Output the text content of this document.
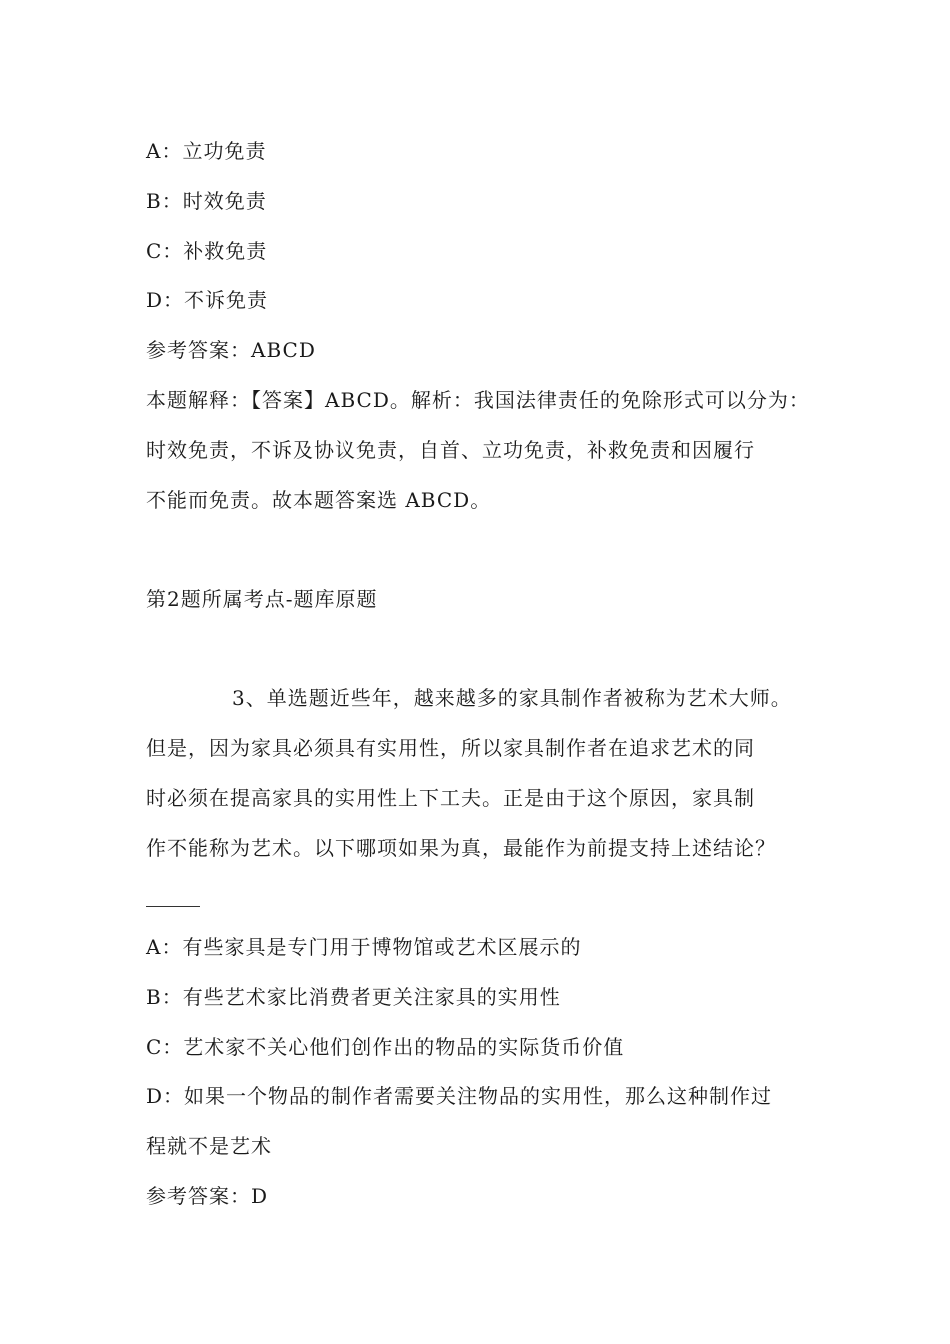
A：立功免责
B：时效免责
C：补救免责
D：不诉免责
参考答案：ABCD
本题解释：【答案】ABCD。解析：我国法律责任的免除形式可以分为：
时效免责，不诉及协议免责，自首、立功免责，补救免责和因履行
不能而免责。故本题答案选 ABCD。
第2题所属考点-题库原题
3、单选题近些年，越来越多的家具制作者被称为艺术大师。
但是，因为家具必须具有实用性，所以家具制作者在追求艺术的同
时必须在提高家具的实用性上下工夫。正是由于这个原因，家具制
作不能称为艺术。以下哪项如果为真，最能作为前提支持上述结论？
A：有些家具是专门用于博物馆或艺术区展示的
B：有些艺术家比消费者更关注家具的实用性
C：艺术家不关心他们创作出的物品的实际货币价值
D：如果一个物品的制作者需要关注物品的实用性，那么这种制作过
程就不是艺术
参考答案：D
